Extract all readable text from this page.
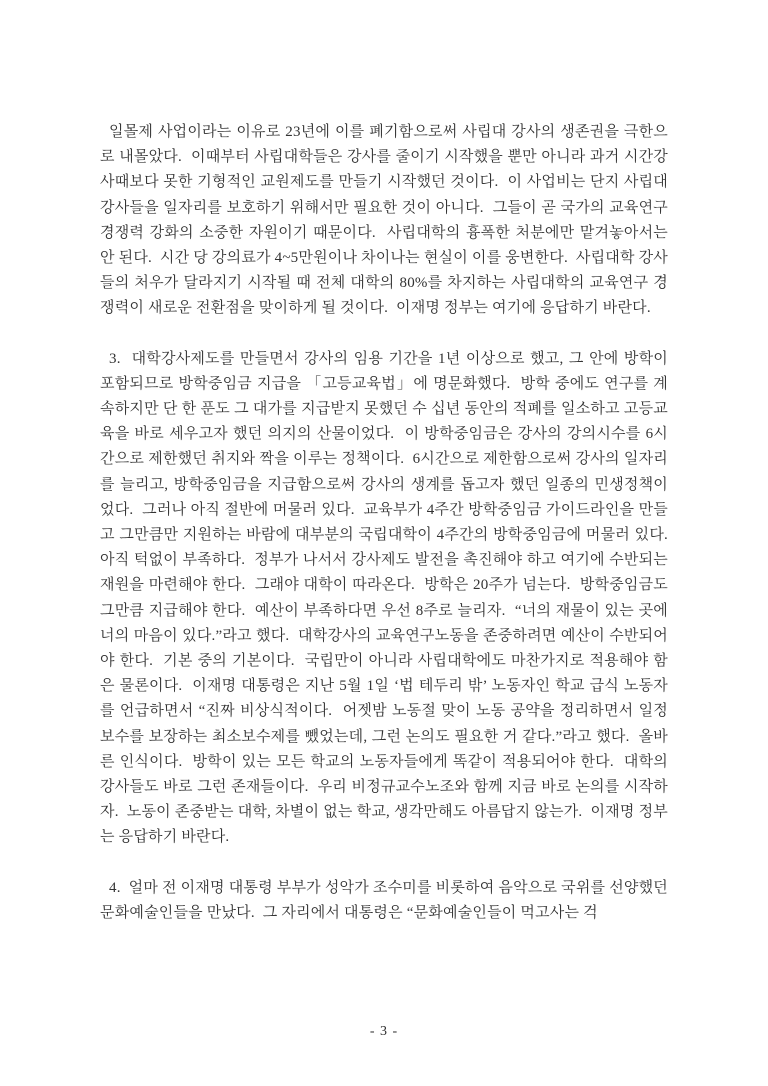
일몰제 사업이라는 이유로 23년에 이를 폐기함으로써 사립대 강사의 생존권을 극한으로 내몰았다.  이때부터 사립대학들은 강사를 줄이기 시작했을 뿐만 아니라 과거 시간강사때보다 못한 기형적인 교원제도를 만들기 시작했던 것이다.  이 사업비는 단지 사립대 강사들을 일자리를 보호하기 위해서만 필요한 것이 아니다.  그들이 곧 국가의 교육연구경쟁력 강화의 소중한 자원이기 때문이다.  사립대학의 흉폭한 처분에만 맡겨놓아서는 안 된다.  시간 당 강의료가 4~5만원이나 차이나는 현실이 이를 웅변한다.  사립대학 강사들의 처우가 달라지기 시작될 때 전체 대학의 80%를 차지하는 사립대학의 교육연구 경쟁력이 새로운 전환점을 맞이하게 될 것이다.  이재명 정부는 여기에 응답하기 바란다.

3.  대학강사제도를 만들면서 강사의 임용 기간을 1년 이상으로 했고, 그 안에 방학이 포함되므로 방학중임금 지급을 「고등교육법」에 명문화했다.  방학 중에도 연구를 계속하지만 단 한 푼도 그 대가를 지급받지 못했던 수 십년 동안의 적폐를 일소하고 고등교육을 바로 세우고자 했던 의지의 산물이었다.  이 방학중임금은 강사의 강의시수를 6시간으로 제한했던 취지와 짝을 이루는 정책이다.  6시간으로 제한함으로써 강사의 일자리를 늘리고, 방학중임금을 지급함으로써 강사의 생계를 돕고자 했던 일종의 민생정책이었다.  그러나 아직 절반에 머물러 있다.  교육부가 4주간 방학중임금 가이드라인을 만들고 그만큼만 지원하는 바람에 대부분의 국립대학이 4주간의 방학중임금에 머물러 있다.  아직 턱없이 부족하다.  정부가 나서서 강사제도 발전을 촉진해야 하고 여기에 수반되는 재원을 마련해야 한다.  그래야 대학이 따라온다.  방학은 20주가 넘는다.  방학중임금도 그만큼 지급해야 한다.  예산이 부족하다면 우선 8주로 늘리자.  “너의 재물이 있는 곳에 너의 마음이 있다.”라고 했다.  대학강사의 교육연구노동을 존중하려면 예산이 수반되어야 한다.  기본 중의 기본이다.  국립만이 아니라 사립대학에도 마찬가지로 적용해야 함은 물론이다.  이재명 대통령은 지난 5월 1일 ‘법 테두리 밖’ 노동자인 학교 급식 노동자를 언급하면서 “진짜 비상식적이다.  어젯밤 노동절 맞이 노동 공약을 정리하면서 일정 보수를 보장하는 최소보수제를 뺐었는데, 그런 논의도 필요한 거 같다.”라고 했다.  올바른 인식이다.  방학이 있는 모든 학교의 노동자들에게 똑같이 적용되어야 한다.  대학의 강사들도 바로 그런 존재들이다.  우리 비정규교수노조와 함께 지금 바로 논의를 시작하자.  노동이 존중받는 대학, 차별이 없는 학교, 생각만해도 아름답지 않는가.  이재명 정부는 응답하기 바란다.

4.  얼마 전 이재명 대통령 부부가 성악가 조수미를 비롯하여 음악으로 국위를 선양했던 문화예술인들을 만났다.  그 자리에서 대통령은 “문화예술인들이 먹고사는 걱

- 3 -
